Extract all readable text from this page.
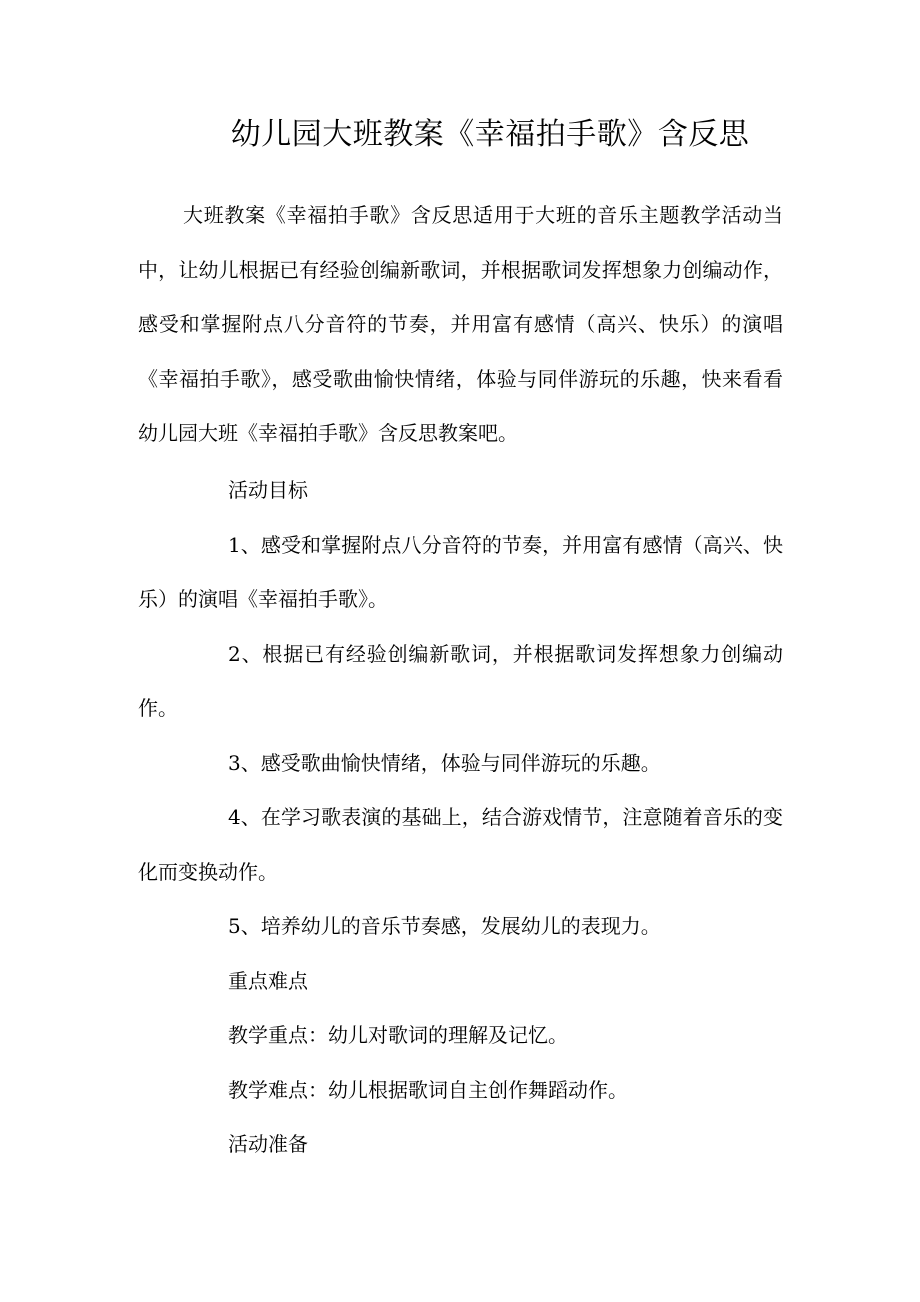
幼儿园大班教案《幸福拍手歌》含反思

大班教案《幸福拍手歌》含反思适用于大班的音乐主题教学活动当中，让幼儿根据已有经验创编新歌词，并根据歌词发挥想象力创编动作，感受和掌握附点八分音符的节奏，并用富有感情（高兴、快乐）的演唱《幸福拍手歌》，感受歌曲愉快情绪，体验与同伴游玩的乐趣，快来看看幼儿园大班《幸福拍手歌》含反思教案吧。

活动目标

1、感受和掌握附点八分音符的节奏，并用富有感情（高兴、快乐）的演唱《幸福拍手歌》。

2、根据已有经验创编新歌词，并根据歌词发挥想象力创编动作。

3、感受歌曲愉快情绪，体验与同伴游玩的乐趣。

4、在学习歌表演的基础上，结合游戏情节，注意随着音乐的变化而变换动作。

5、培养幼儿的音乐节奏感，发展幼儿的表现力。

重点难点

教学重点：幼儿对歌词的理解及记忆。

教学难点：幼儿根据歌词自主创作舞蹈动作。

活动准备
